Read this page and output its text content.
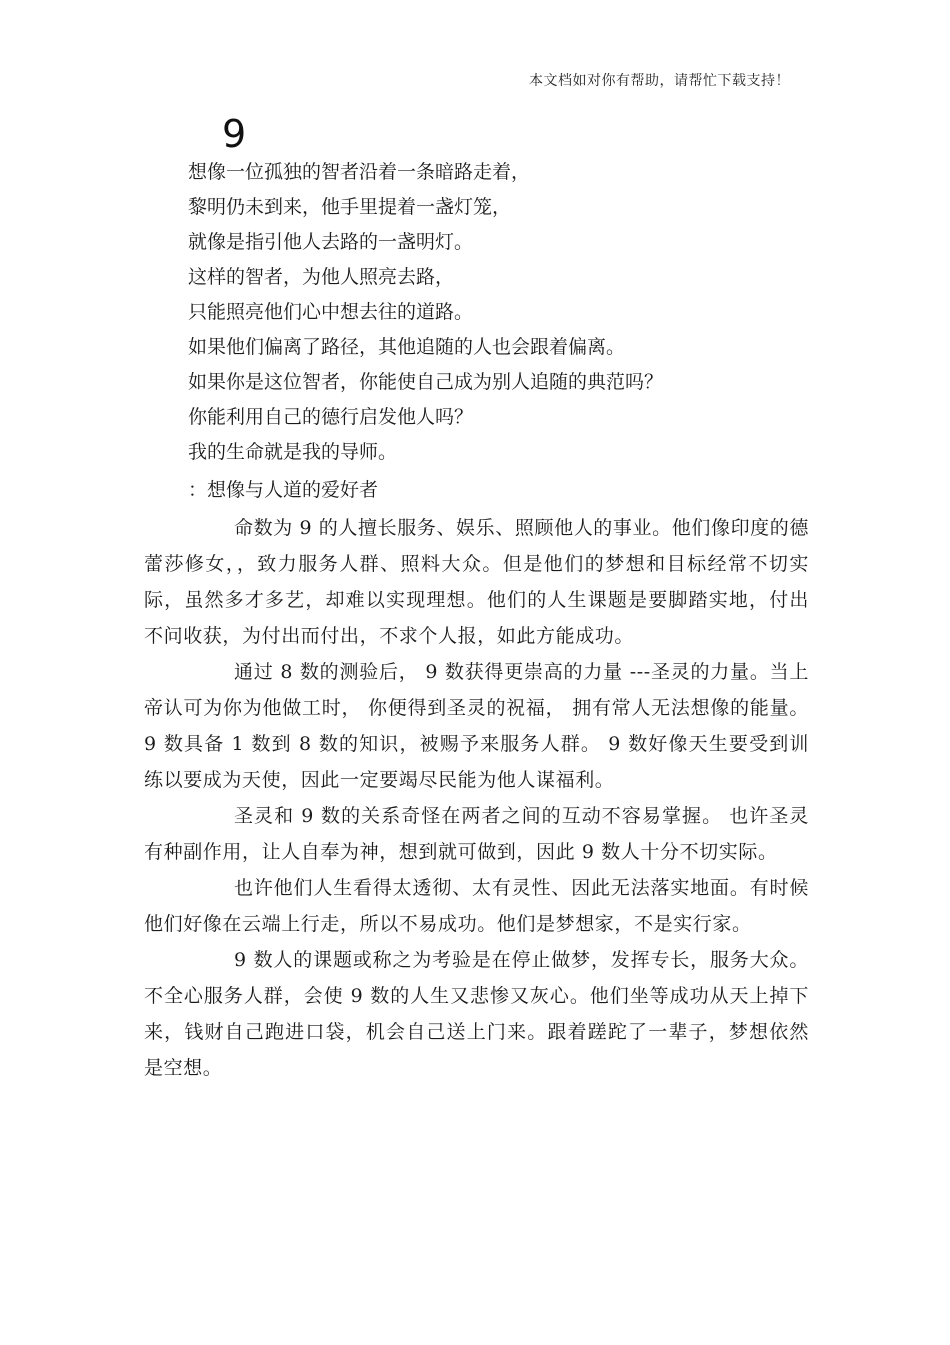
本文档如对你有帮助，请帮忙下载支持！
9
想像一位孤独的智者沿着一条暗路走着，
黎明仍未到来，他手里提着一盏灯笼，
就像是指引他人去路的一盏明灯。
这样的智者，为他人照亮去路，
只能照亮他们心中想去往的道路。
如果他们偏离了路径，其他追随的人也会跟着偏离。
如果你是这位智者，你能使自己成为别人追随的典范吗？
你能利用自己的德行启发他人吗？
我的生命就是我的导师。
：想像与人道的爱好者

命数为 9 的人擅长服务、娱乐、照顾他人的事业。他们像印度的德蕾莎修女，，致力服务人群、照料大众。但是他们的梦想和目标经常不切实际，虽然多才多艺，却难以实现理想。他们的人生课题是要脚踏实地，付出不问收获，为付出而付出，不求个人报，如此方能成功。

通过 8 数的测验后， 9 数获得更崇高的力量 ---圣灵的力量。当上帝认可为你为他做工时， 你便得到圣灵的祝福， 拥有常人无法想像的能量。 9 数具备 1 数到 8 数的知识，被赐予来服务人群。 9 数好像天生要受到训练以要成为天使，因此一定要竭尽民能为他人谋福利。

圣灵和 9 数的关系奇怪在两者之间的互动不容易掌握。 也许圣灵有种副作用，让人自奉为神，想到就可做到，因此 9 数人十分不切实际。

也许他们人生看得太透彻、太有灵性、因此无法落实地面。有时候他们好像在云端上行走，所以不易成功。他们是梦想家，不是实行家。

9 数人的课题或称之为考验是在停止做梦，发挥专长，服务大众。不全心服务人群，会使 9 数的人生又悲惨又灰心。他们坐等成功从天上掉下来，钱财自己跑进口袋，机会自己送上门来。跟着蹉跎了一辈子，梦想依然是空想。
